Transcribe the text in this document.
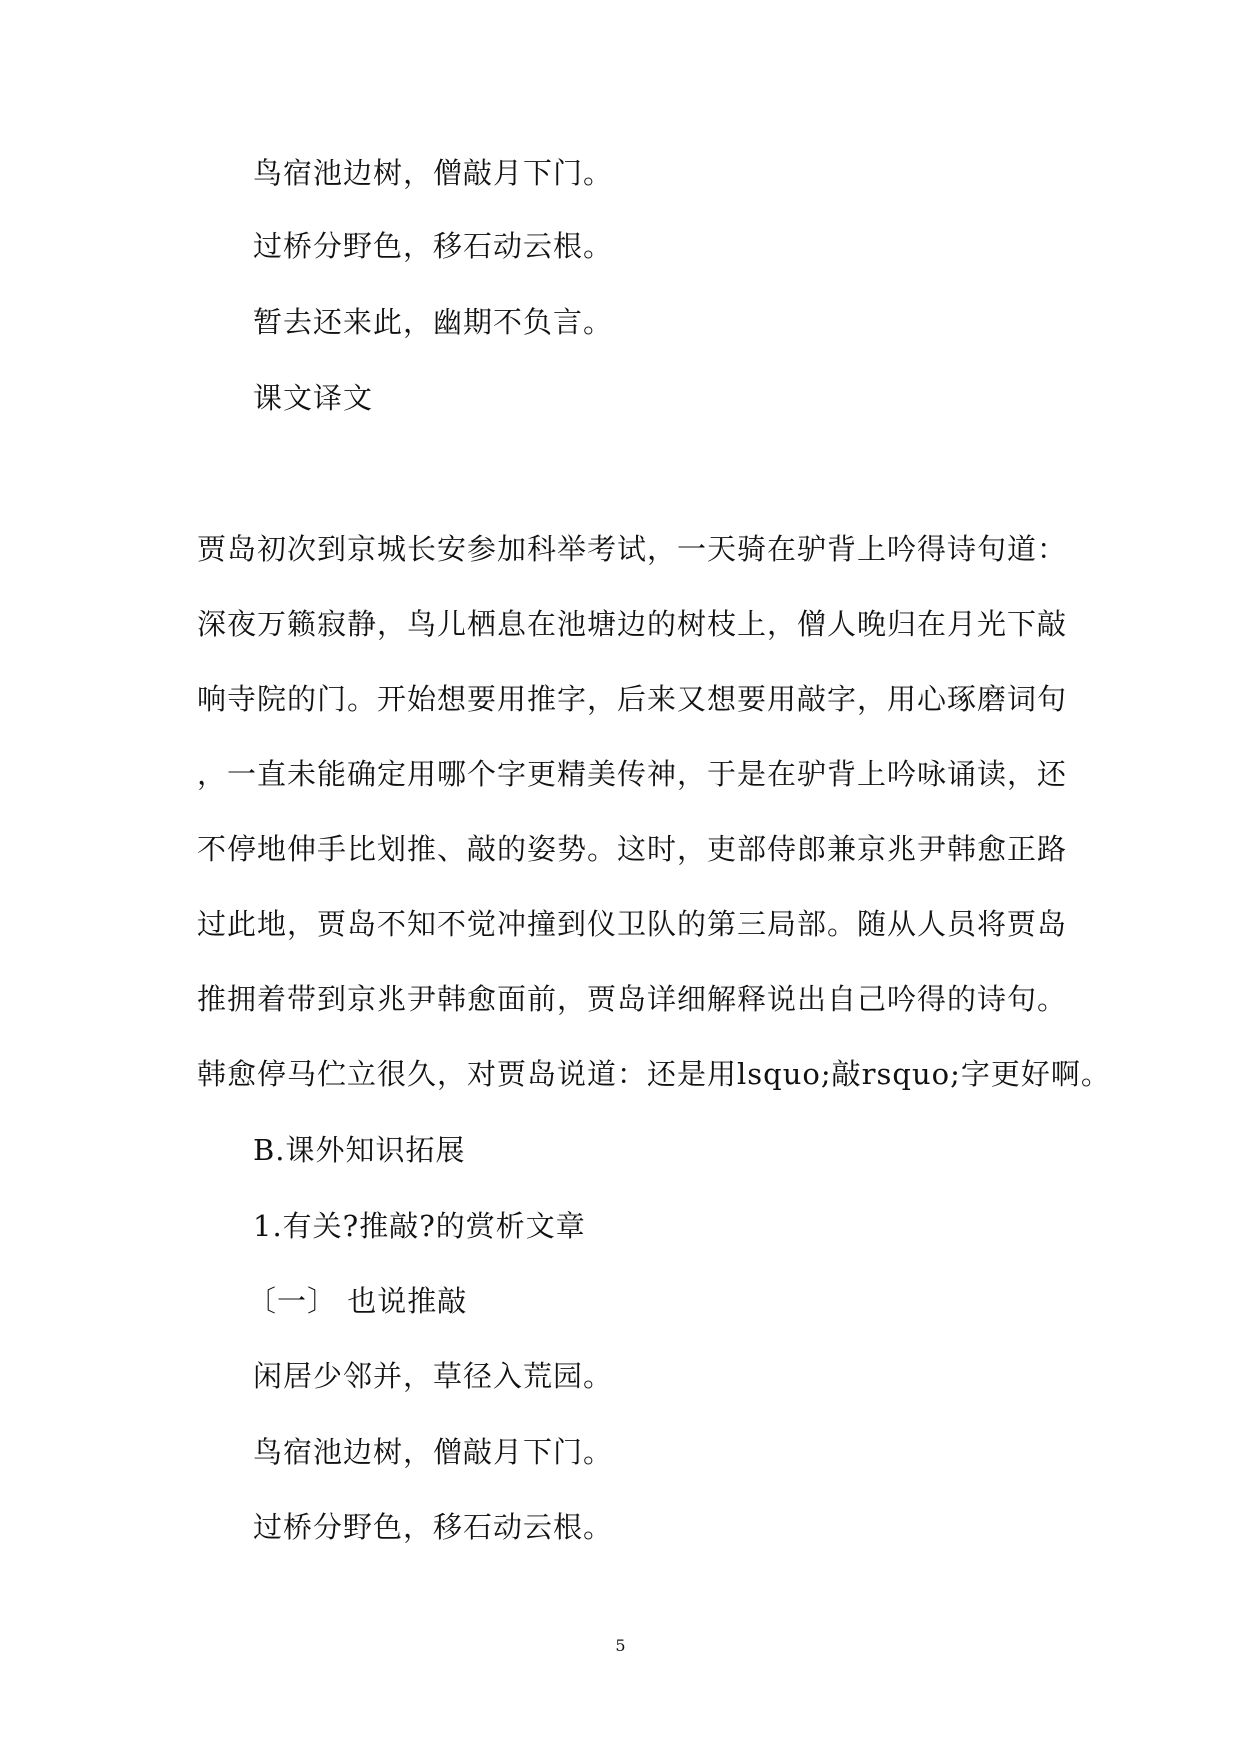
鸟宿池边树，僧敲月下门。
过桥分野色，移石动云根。
暂去还来此，幽期不负言。
课文译文
贾岛初次到京城长安参加科举考试，一天骑在驴背上吟得诗句道：
深夜万籁寂静，鸟儿栖息在池塘边的树枝上，僧人晚归在月光下敲
响寺院的门。开始想要用推字，后来又想要用敲字，用心琢磨词句
，一直未能确定用哪个字更精美传神，于是在驴背上吟咏诵读，还
不停地伸手比划推、敲的姿势。这时，吏部侍郎兼京兆尹韩愈正路
过此地，贾岛不知不觉冲撞到仪卫队的第三局部。随从人员将贾岛
推拥着带到京兆尹韩愈面前，贾岛详细解释说出自己吟得的诗句。
韩愈停马伫立很久，对贾岛说道：还是用lsquo;敲rsquo;字更好啊。
B.课外知识拓展
1.有关?推敲?的赏析文章
〔一〕 也说推敲
闲居少邻并，草径入荒园。
鸟宿池边树，僧敲月下门。
过桥分野色，移石动云根。
5
